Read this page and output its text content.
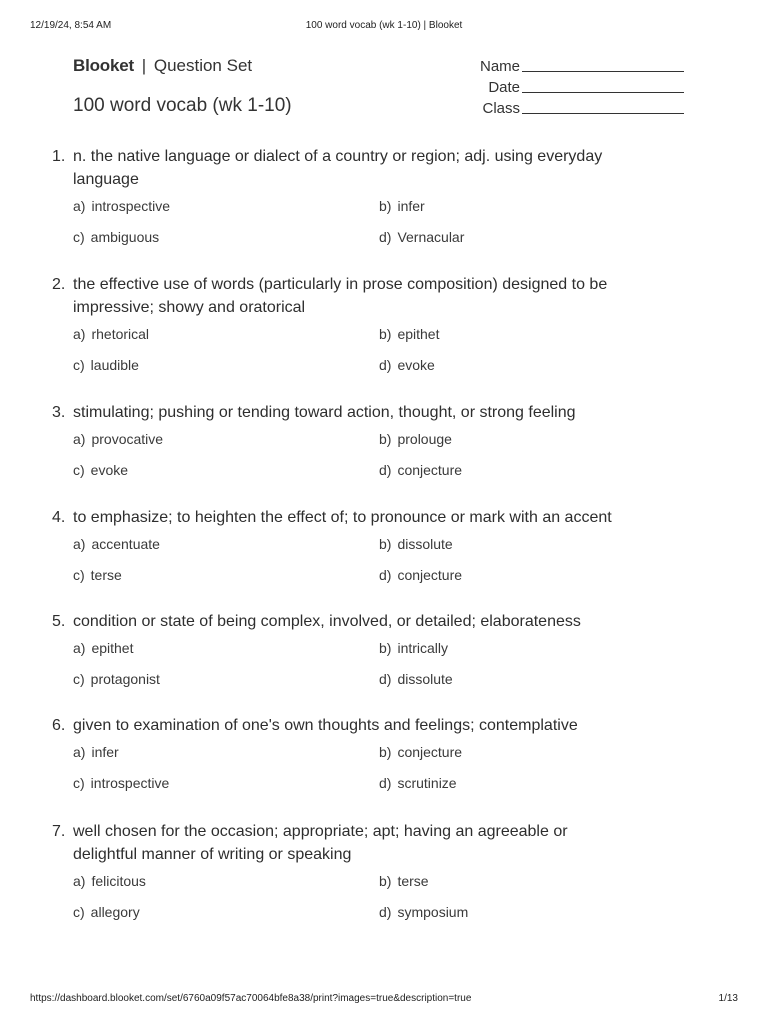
12/19/24, 8:54 AM	100 word vocab (wk 1-10) | Blooket
Blooket | Question Set
100 word vocab (wk 1-10)
Name
Date
Class
1. n. the native language or dialect of a country or region; adj. using everyday
language
a) introspective	b) infer
c) ambiguous	d) Vernacular
2. the effective use of words (particularly in prose composition) designed to be
impressive; showy and oratorical
a) rhetorical	b) epithet
c) laudible	d) evoke
3. stimulating; pushing or tending toward action, thought, or strong feeling
a) provocative	b) prolouge
c) evoke	d) conjecture
4. to emphasize; to heighten the effect of; to pronounce or mark with an accent
a) accentuate	b) dissolute
c) terse	d) conjecture
5. condition or state of being complex, involved, or detailed; elaborateness
a) epithet	b) intrically
c) protagonist	d) dissolute
6. given to examination of one's own thoughts and feelings; contemplative
a) infer	b) conjecture
c) introspective	d) scrutinize
7. well chosen for the occasion; appropriate; apt; having an agreeable or
delightful manner of writing or speaking
a) felicitous	b) terse
c) allegory	d) symposium
https://dashboard.blooket.com/set/6760a09f57ac70064bfe8a38/print?images=true&description=true	1/13
